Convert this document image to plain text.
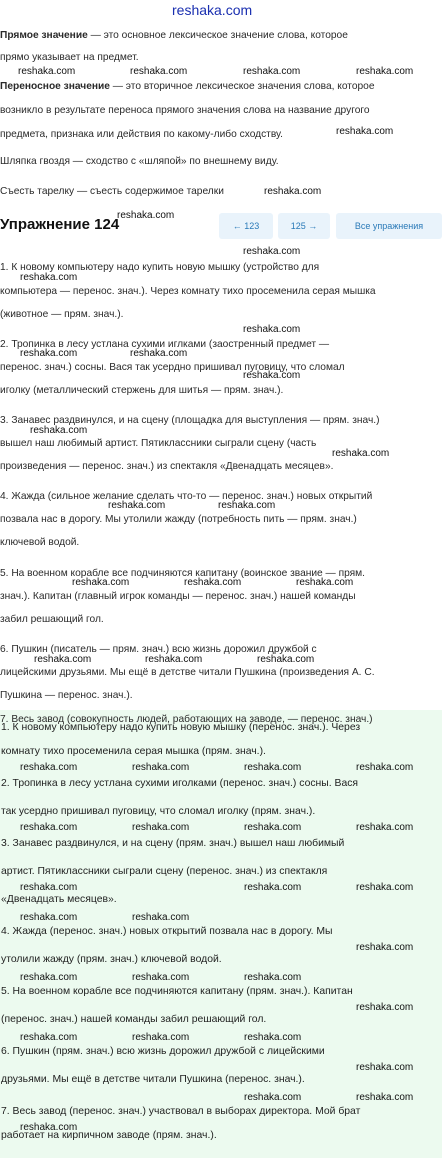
reshaka.com
Прямое значение — это основное лексическое значение слова, которое
прямо указывает на предмет.
Переносное значение — это вторичное лексическое значения слова, которое
возникло в результате переноса прямого значения слова на название другого
предмета, признака или действия по какому-либо сходству.
Шляпка гвоздя — сходство с «шляпой» по внешнему виду.
Съесть тарелку — съесть содержимое тарелки
Упражнение 124	← 123	125 →	Все упражнения
1. К новому компьютеру надо купить новую мышку (устройство для
компьютера — перенос. знач.). Через комнату тихо просеменила серая мышка
(животное — прям. знач.).
2. Тропинка в лесу устлана сухими иглками (заостренный предмет —
перенос. знач.) сосны. Вася так усердно пришивал пуговицу, что сломал
иголку (металлический стержень для шитья — прям. знач.).
3. Занавес раздвинулся, и на сцену (площадка для выступления — прям. знач.)
вышел наш любимый артист. Пятиклассники сыграли сцену (часть
произведения — перенос. знач.) из спектакля «Двенадцать месяцев».
4. Жажда (сильное желание сделать что-то — перенос. знач.) новых открытий
позвала нас в дорогу. Мы утолили жажду (потребность пить — прям. знач.)
ключевой водой.
5. На военном корабле все подчиняются капитану (воинское звание — прям.
знач.). Капитан (главный игрок команды — перенос. знач.) нашей команды
забил решающий гол.
6. Пушкин (писатель — прям. знач.) всю жизнь дорожил дружбой с
лицейскими друзьями. Мы ещё в детстве читали Пушкина (произведения А. С.
Пушкина — перенос. знач.).
7. Весь завод (совокупность людей, работающих на заводе, — перенос. знач.)
1. К новому компьютеру надо купить новую мышку (перенос. знач.). Через
комнату тихо просеменила серая мышка (прям. знач.).
2. Тропинка в лесу устлана сухими иголками (перенос. знач.) сосны. Вася
так усердно пришивал пуговицу, что сломал иголку (прям. знач.).
3. Занавес раздвинулся, и на сцену (прям. знач.) вышел наш любимый
артист. Пятиклассники сыграли сцену (перенос. знач.) из спектакля
«Двенадцать месяцев».
4. Жажда (перенос. знач.) новых открытий позвала нас в дорогу. Мы
утолили жажду (прям. знач.) ключевой водой.
5. На военном корабле все подчиняются капитану (прям. знач.). Капитан
(перенос. знач.) нашей команды забил решающий гол.
6. Пушкин (прям. знач.) всю жизнь дорожил дружбой с лицейскими
друзьями. Мы ещё в детстве читали Пушкина (перенос. знач.).
7. Весь завод (перенос. знач.) участвовал в выборах директора. Мой брат
работает на кирпичном заводе (прям. знач.).
reshaka.com	reshaka.com	reshaka.com	reshaka.com
reshaka.com
reshaka.com
reshaka.com
reshaka.com
reshaka.com
reshaka.com
reshaka.com	reshaka.com
reshaka.com
reshaka.com
reshaka.com
reshaka.com	reshaka.com
reshaka.com	reshaka.com	reshaka.com
reshaka.com	reshaka.com	reshaka.com
reshaka.com	reshaka.com	reshaka.com	reshaka.com
reshaka.com	reshaka.com	reshaka.com	reshaka.com
reshaka.com	reshaka.com	reshaka.com
reshaka.com	reshaka.com
reshaka.com
reshaka.com	reshaka.com	reshaka.com
reshaka.com
reshaka.com	reshaka.com	reshaka.com
reshaka.com
reshaka.com	reshaka.com
reshaka.com
